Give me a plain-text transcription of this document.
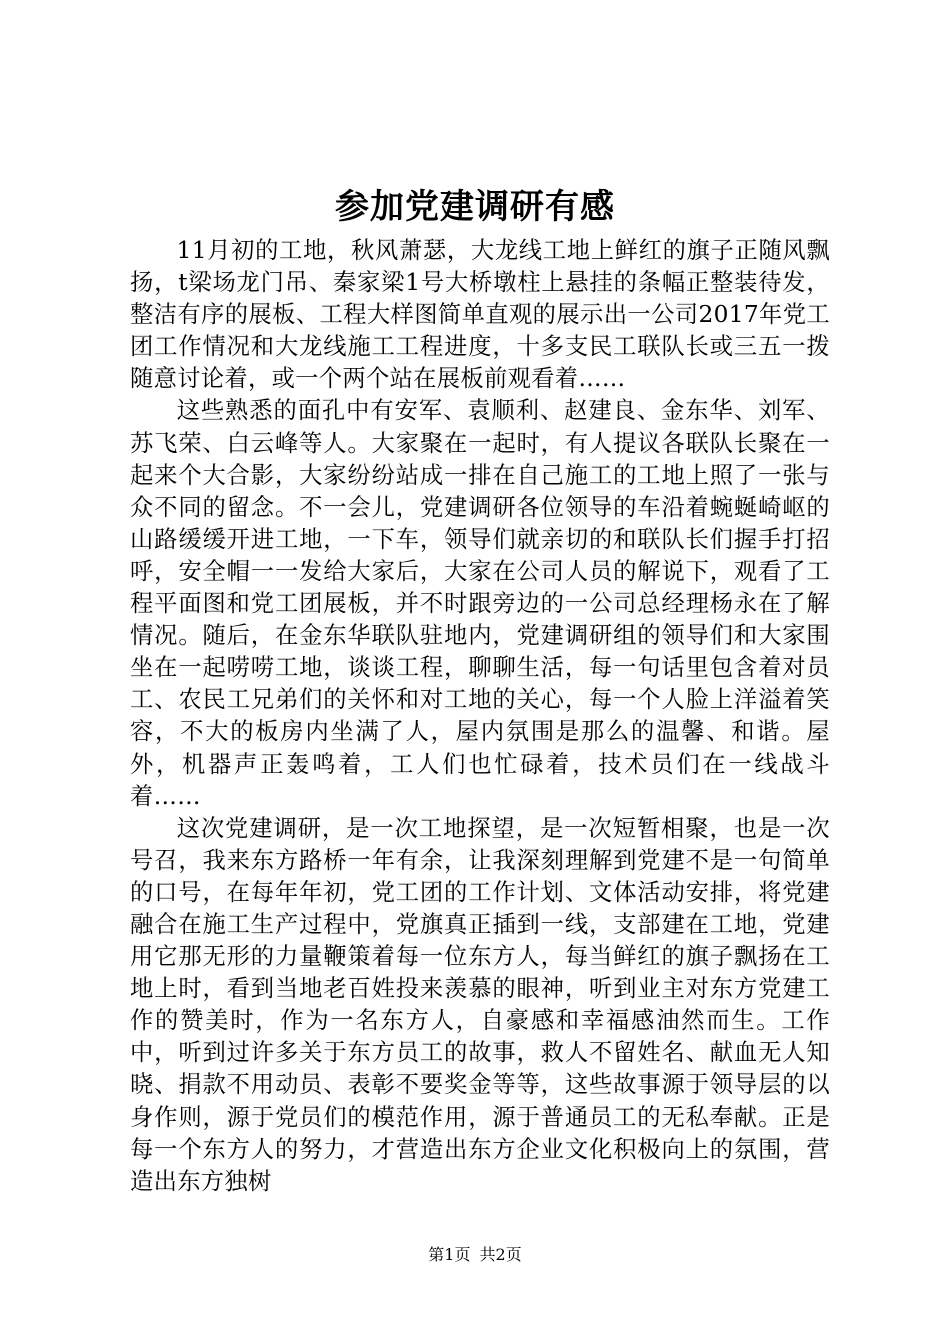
参加党建调研有感

11月初的工地，秋风萧瑟，大龙线工地上鲜红的旗子正随风飘扬，t梁场龙门吊、秦家梁1号大桥墩柱上悬挂的条幅正整装待发，整洁有序的展板、工程大样图简单直观的展示出一公司2017年党工团工作情况和大龙线施工工程进度，十多支民工联队长或三五一拨随意讨论着，或一个两个站在展板前观看着……

这些熟悉的面孔中有安军、袁顺利、赵建良、金东华、刘军、苏飞荣、白云峰等人。大家聚在一起时，有人提议各联队长聚在一起来个大合影，大家纷纷站成一排在自己施工的工地上照了一张与众不同的留念。不一会儿，党建调研各位领导的车沿着蜿蜒崎岖的山路缓缓开进工地，一下车，领导们就亲切的和联队长们握手打招呼，安全帽一一发给大家后，大家在公司人员的解说下，观看了工程平面图和党工团展板，并不时跟旁边的一公司总经理杨永在了解情况。随后，在金东华联队驻地内，党建调研组的领导们和大家围坐在一起唠唠工地，谈谈工程，聊聊生活，每一句话里包含着对员工、农民工兄弟们的关怀和对工地的关心，每一个人脸上洋溢着笑容，不大的板房内坐满了人，屋内氛围是那么的温馨、和谐。屋外，机器声正轰鸣着，工人们也忙碌着，技术员们在一线战斗着……

这次党建调研，是一次工地探望，是一次短暂相聚，也是一次号召，我来东方路桥一年有余，让我深刻理解到党建不是一句简单的口号，在每年年初，党工团的工作计划、文体活动安排，将党建融合在施工生产过程中，党旗真正插到一线，支部建在工地，党建用它那无形的力量鞭策着每一位东方人，每当鲜红的旗子飘扬在工地上时，看到当地老百姓投来羡慕的眼神，听到业主对东方党建工作的赞美时，作为一名东方人，自豪感和幸福感油然而生。工作中，听到过许多关于东方员工的故事，救人不留姓名、献血无人知晓、捐款不用动员、表彰不要奖金等等，这些故事源于领导层的以身作则，源于党员们的模范作用，源于普通员工的无私奉献。正是每一个东方人的努力，才营造出东方企业文化积极向上的氛围，营造出东方独树

第1页 共2页
